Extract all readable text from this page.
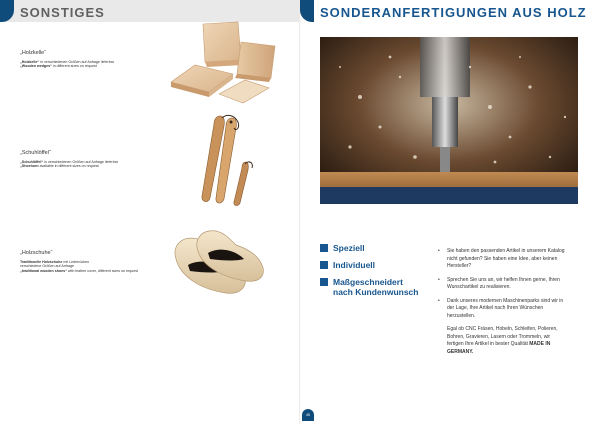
SONSTIGES	SONDERANFERTIGUNGEN AUS HOLZ
„Holzkelle“
„Holzkelle“ in verschiedenen Größen auf Anfrage lieferbar
„Wooden wedges“ in different sizes on request
„Schuhlöffel“
„Schuhlöffel“ in verschiedenen Größen auf Anfrage lieferbar
„Shoehorn available in different sizes on request
„Holzschuhe“
Traditionelle Holzschuhe mit Lederrücken
verschiedene Größen auf Anfrage
„traditional wooden shoes“ with leather cover, different sizes on request
Speziell
Individuell
Maßgeschneidert nach Kundenwunsch
• Sie haben den passenden Artikel in unserem Katalog nicht gefunden? Sie haben eine Idee, aber keinen Hersteller?
• Sprechen Sie uns an, wir helfen Ihnen gerne, Ihren Wunschartikel zu realisieren.
• Dank unseres modernen Maschinenparks sind wir in der Lage, Ihre Artikel nach Ihren Wünschen herzustellen.
Egal ob CNC Fräsen, Hobeln, Schleifen, Polieren, Bohren, Gravieren, Lasern oder Trommeln, wir fertigen Ihre Artikel in bester Qualität MADE IN GERMANY.
45
